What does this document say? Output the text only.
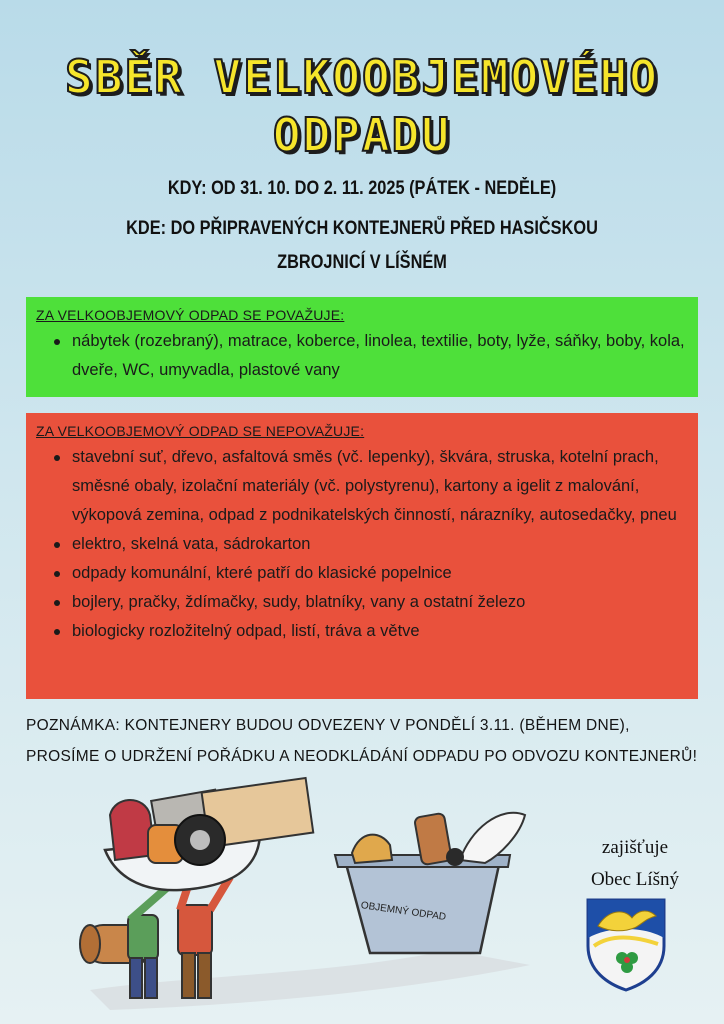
SBĚR VELKOOBJEMOVÉHO
ODPADU
KDY: OD 31. 10. DO 2. 11. 2025 (PÁTEK - NEDĚLE)
KDE: DO PŘIPRAVENÝCH KONTEJNERŮ PŘED HASIČSKOU ZBROJNICÍ V LÍŠNÉM
ZA VELKOOBJEMOVÝ ODPAD SE POVAŽUJE:
nábytek (rozebraný), matrace, koberce, linolea, textilie, boty, lyže, sáňky, boby, kola, dveře, WC, umyvadla, plastové vany
ZA VELKOOBJEMOVÝ ODPAD SE NEPOVAŽUJE:
stavební suť, dřevo, asfaltová směs (vč. lepenky), škvára, struska, kotelní prach, směsné obaly, izolační materiály (vč. polystyrenu), kartony a igelit z malování, výkopová zemina, odpad z podnikatelských činností, nárazníky, autosedačky, pneu
elektro, skelná vata, sádrokarton
odpady komunální, které patří do klasické popelnice
bojlery, pračky, ždímačky, sudy, blatníky, vany a ostatní železo
biologicky rozložitelný odpad, listí, tráva a větve
POZNÁMKA: KONTEJNERY BUDOU ODVEZENY V PONDĚLÍ 3.11. (BĚHEM DNE), PROSÍME O UDRŽENÍ POŘÁDKU A NEODKLÁDÁNÍ ODPADU PO ODVOZU KONTEJNERŮ!
OBJEMNÝ ODPAD
zajišťuje
Obec Líšný
